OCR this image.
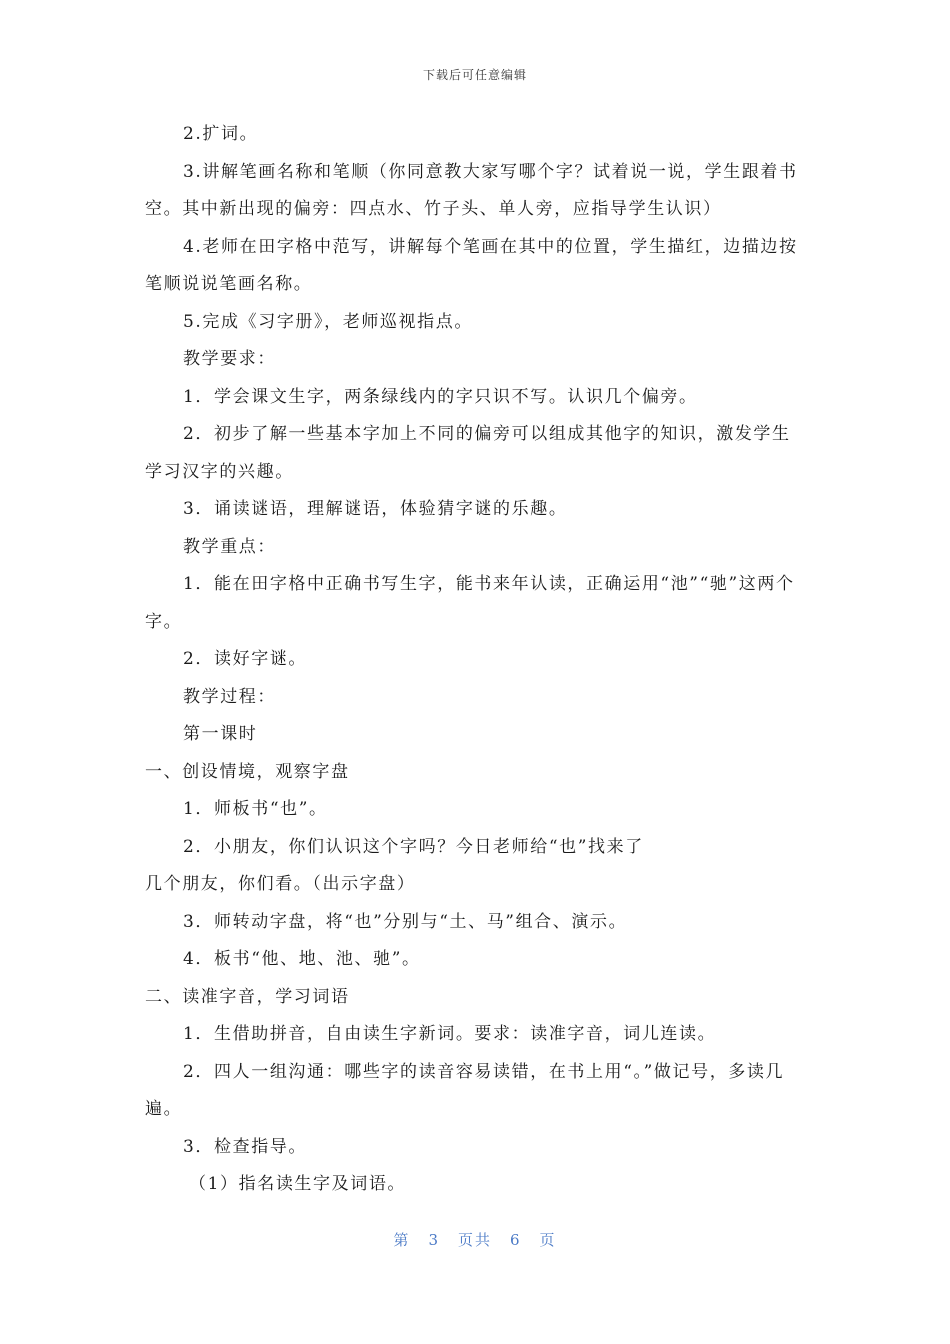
下载后可任意编辑

2.扩词。

3.讲解笔画名称和笔顺（你同意教大家写哪个字？试着说一说，学生跟着书空。其中新出现的偏旁：四点水、竹子头、单人旁，应指导学生认识）

4.老师在田字格中范写，讲解每个笔画在其中的位置，学生描红，边描边按笔顺说说笔画名称。

5.完成《习字册》，老师巡视指点。

教学要求：

1．学会课文生字，两条绿线内的字只识不写。认识几个偏旁。

2．初步了解一些基本字加上不同的偏旁可以组成其他字的知识，激发学生学习汉字的兴趣。

3．诵读谜语，理解谜语，体验猜字谜的乐趣。

教学重点：

1．能在田字格中正确书写生字，能书来年认读，正确运用“池”“驰”这两个字。

2．读好字谜。

教学过程：

第一课时

一、创设情境，观察字盘

1．师板书“也”。

2．小朋友，你们认识这个字吗？今日老师给“也”找来了

几个朋友，你们看。（出示字盘）

3．师转动字盘，将“也”分别与“土、马”组合、演示。

4．板书“他、地、池、驰”。

二、读准字音，学习词语

1．生借助拼音，自由读生字新词。要求：读准字音，词儿连读。

2．四人一组沟通：哪些字的读音容易读错，在书上用“。”做记号，多读几遍。

3．检查指导。

（1）指名读生字及词语。

第 3 页共 6 页
